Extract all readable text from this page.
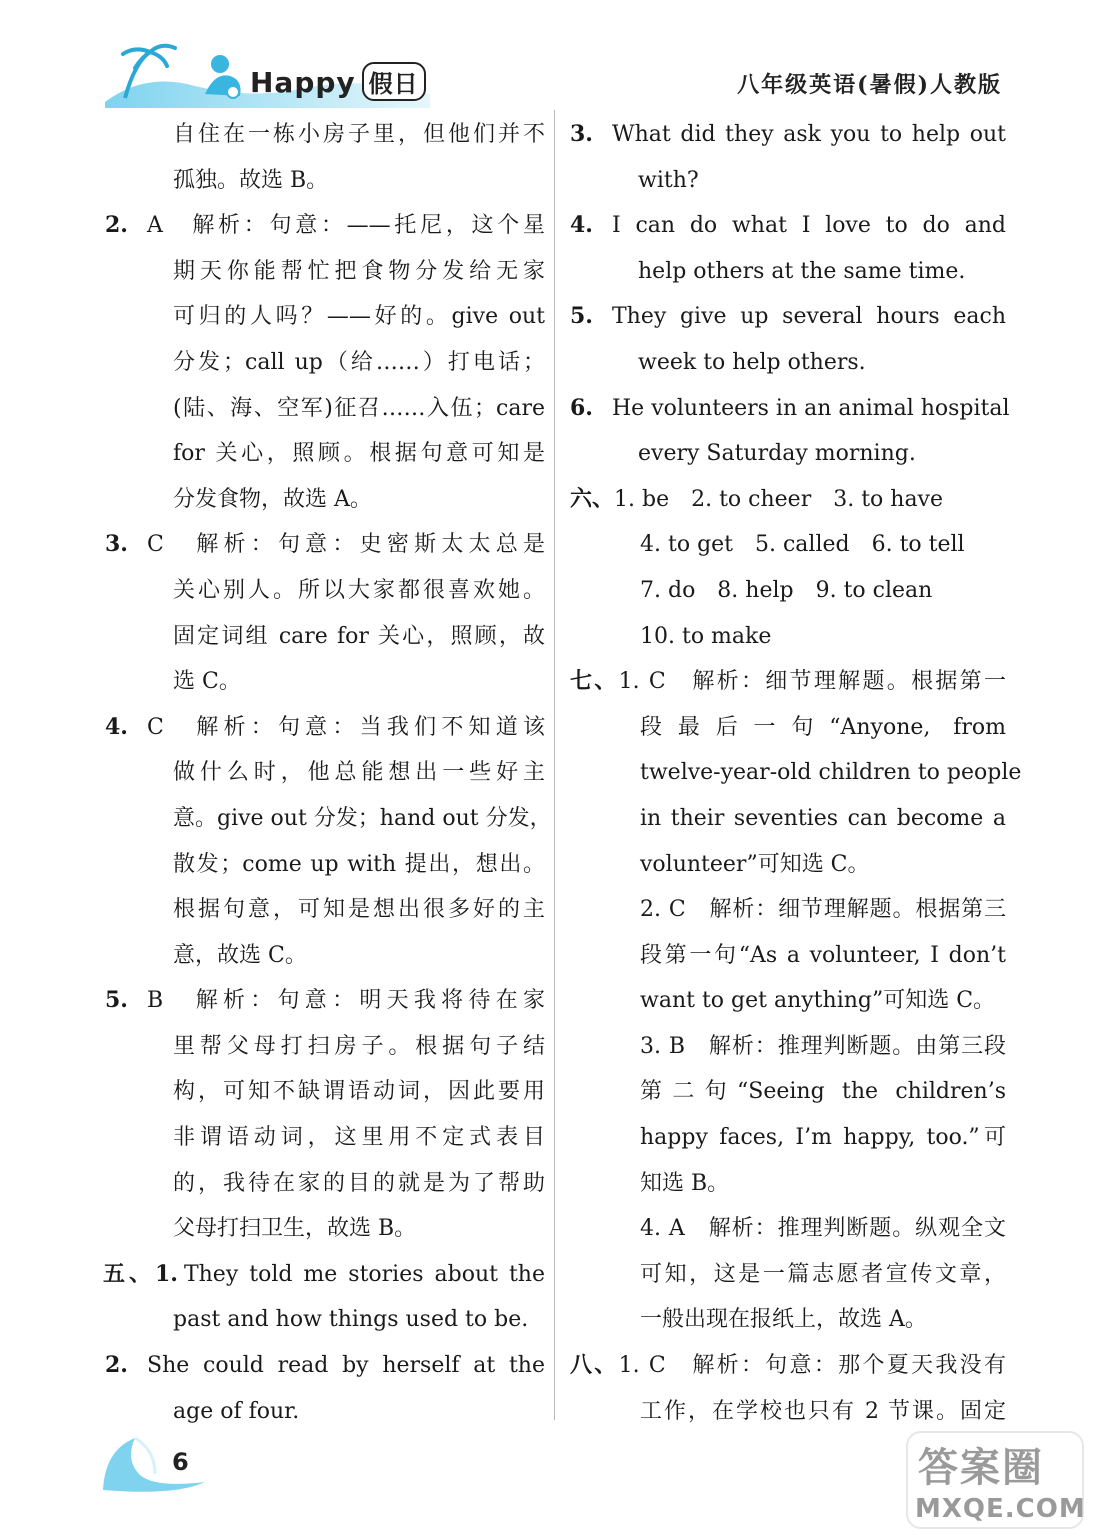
Happy 假日	八年级英语(暑假)人教版
自住在一栋小房子里，但他们并不
孤独。故选 B。
2. A　解析：句意：——托尼，这个星
期天你能帮忙把食物分发给无家
可归的人吗？——好的。give out
分发；call up（给……）打电话；
(陆、海、空军)征召……入伍；care
for 关心，照顾。根据句意可知是
分发食物，故选 A。
3. C　解析：句意：史密斯太太总是
关心别人。所以大家都很喜欢她。
固定词组 care for 关心，照顾，故
选 C。
4. C　解析：句意：当我们不知道该
做什么时，他总能想出一些好主
意。give out 分发；hand out 分发，
散发；come up with 提出，想出。
根据句意，可知是想出很多好的主
意，故选 C。
5. B　解析：句意：明天我将待在家
里帮父母打扫房子。根据句子结
构，可知不缺谓语动词，因此要用
非谓语动词，这里用不定式表目
的，我待在家的目的就是为了帮助
父母打扫卫生，故选 B。
五、1. They told me stories about the
past and how things used to be.
2. She could read by herself at the
age of four.
3. What did they ask you to help out
with?
4. I can do what I love to do and
help others at the same time.
5. They give up several hours each
week to help others.
6. He volunteers in an animal hospital
every Saturday morning.
六、1. be　2. to cheer　3. to have
4. to get　5. called　6. to tell
7. do　8. help　9. to clean
10. to make
七、1. C　解析：细节理解题。根据第一
段最后一句“Anyone, from
twelve-year-old children to people
in their seventies can become a
volunteer”可知选 C。
2. C　解析：细节理解题。根据第三
段第一句“As a volunteer, I don’t
want to get anything”可知选 C。
3. B　解析：推理判断题。由第三段
第二句“Seeing the children’s
happy faces, I’m happy, too.”可
知选 B。
4. A　解析：推理判断题。纵观全文
可知，这是一篇志愿者宣传文章，
一般出现在报纸上，故选 A。
八、1. C　解析：句意：那个夏天我没有
工作，在学校也只有 2 节课。固定
6	答案圈
MXQE.COM
